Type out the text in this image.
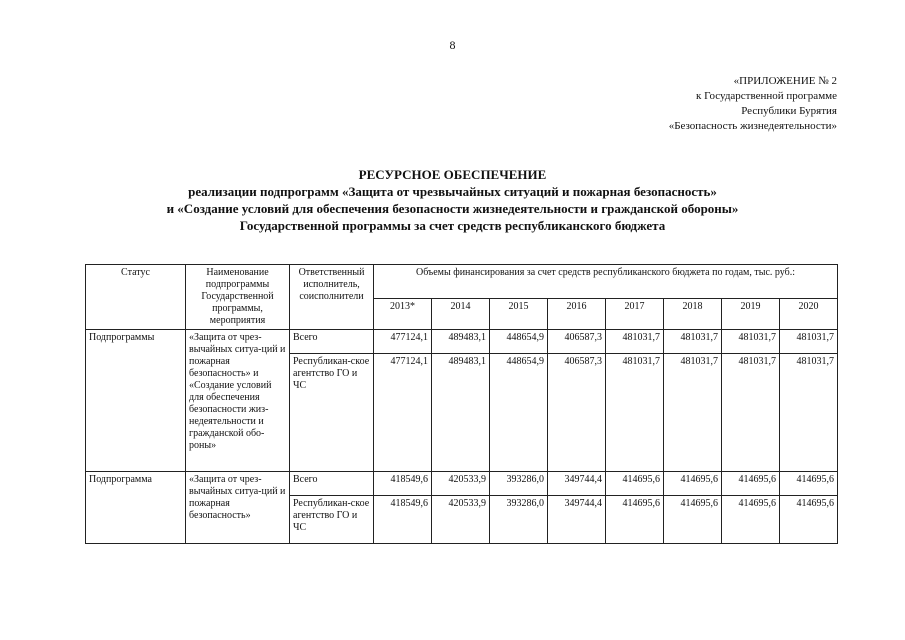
8
«ПРИЛОЖЕНИЕ № 2
к Государственной программе
Республики Бурятия
«Безопасность жизнедеятельности»
РЕСУРСНОЕ ОБЕСПЕЧЕНИЕ
реализации подпрограмм «Защита от чрезвычайных ситуаций и пожарная безопасность»
и «Создание условий для обеспечения безопасности жизнедеятельности и гражданской обороны»
Государственной программы за счет средств республиканского бюджета
Статус	Наименование подпрограммы Государственной программы, мероприятия	Ответственный исполнитель, соисполнители	Объемы финансирования за счет средств республиканского бюджета по годам, тыс. руб.:							
			2013*	2014	2015	2016	2017	2018	2019	2020
Подпрограммы	«Защита от чрез-вычайных ситуа-ций и пожарная безопасность» и «Создание условий для обеспечения безопасности жиз-недеятельности и гражданской обо-роны»	Всего	477124,1	489483,1	448654,9	406587,3	481031,7	481031,7	481031,7	481031,7
		Республикан-ское агентство ГО и ЧС	477124,1	489483,1	448654,9	406587,3	481031,7	481031,7	481031,7	481031,7
Подпрограмма	«Защита от чрез-вычайных ситуа-ций и пожарная безопасность»	Всего	418549,6	420533,9	393286,0	349744,4	414695,6	414695,6	414695,6	414695,6
		Республикан-ское агентство ГО и ЧС	418549,6	420533,9	393286,0	349744,4	414695,6	414695,6	414695,6	414695,6
